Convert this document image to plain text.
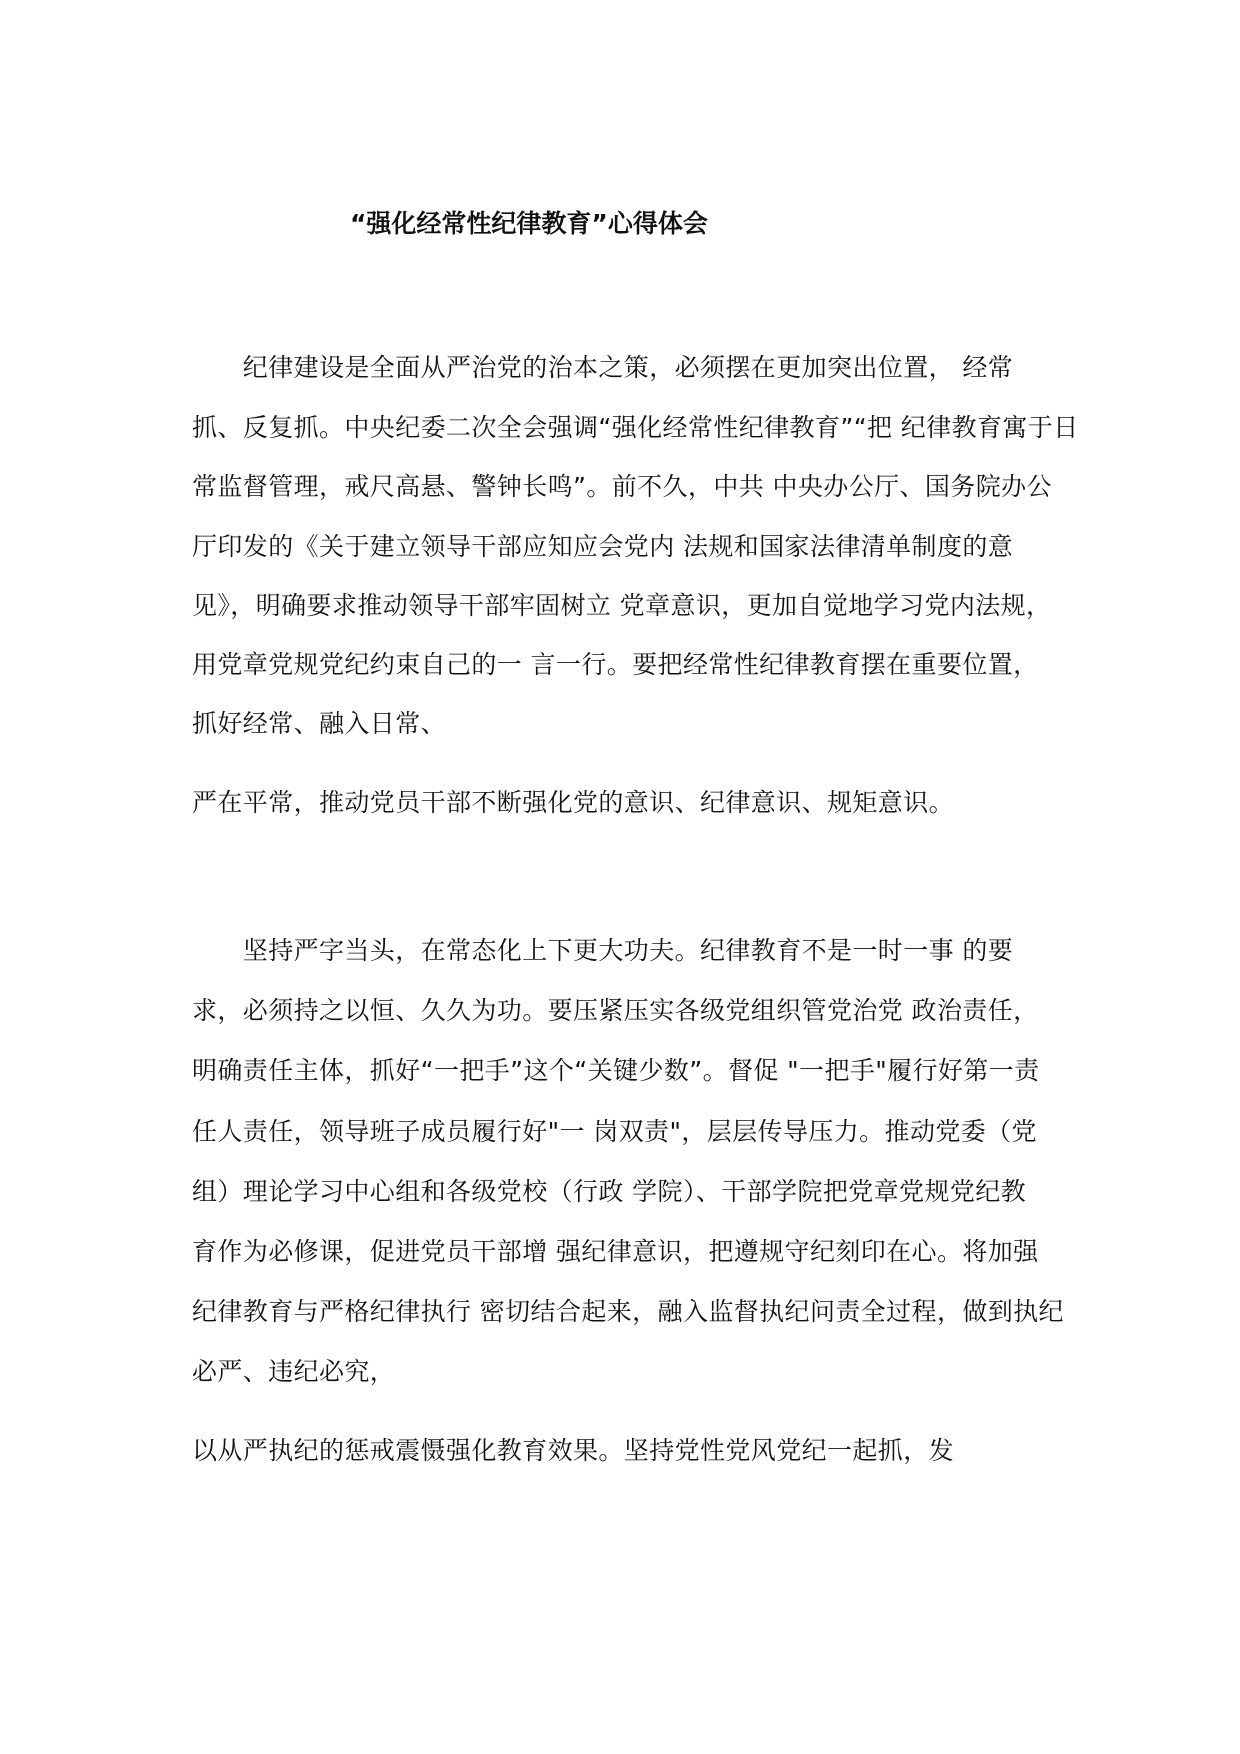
“强化经常性纪律教育”心得体会
　　纪律建设是全面从严治党的治本之策，必须摆在更加突出位置， 经常
抓、反复抓。中央纪委二次全会强调“强化经常性纪律教育”“把 纪律教育寓于日
常监督管理，戒尺高悬、警钟长鸣”。前不久，中共 中央办公厅、国务院办公
厅印发的《关于建立领导干部应知应会党内 法规和国家法律清单制度的意
见》，明确要求推动领导干部牢固树立 党章意识，更加自觉地学习党内法规，
用党章党规党纪约束自己的一 言一行。要把经常性纪律教育摆在重要位置，
抓好经常、融入日常、
严在平常，推动党员干部不断强化党的意识、纪律意识、规矩意识。
　　坚持严字当头，在常态化上下更大功夫。纪律教育不是一时一事 的要
求，必须持之以恒、久久为功。要压紧压实各级党组织管党治党 政治责任，
明确责任主体，抓好“一把手”这个“关键少数”。督促 "一把手"履行好第一责
任人责任，领导班子成员履行好"一 岗双责"，层层传导压力。推动党委（党
组）理论学习中心组和各级党校（行政 学院）、干部学院把党章党规党纪教
育作为必修课，促进党员干部增 强纪律意识，把遵规守纪刻印在心。将加强
纪律教育与严格纪律执行 密切结合起来，融入监督执纪问责全过程，做到执纪
必严、违纪必究，
以从严执纪的惩戒震慑强化教育效果。坚持党性党风党纪一起抓，发
